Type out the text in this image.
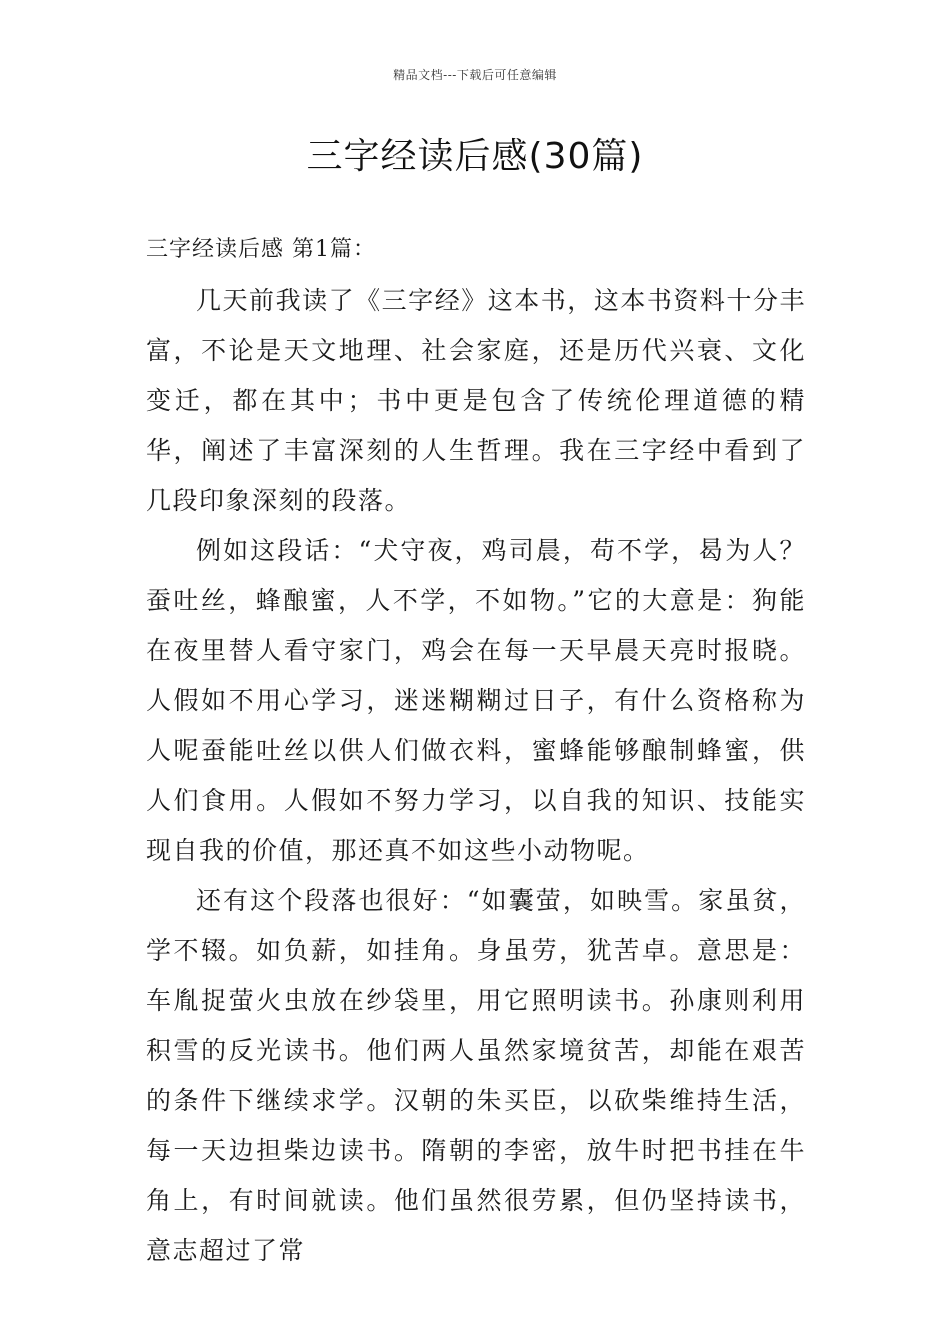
精品文档---下载后可任意编辑
三字经读后感(30篇)
三字经读后感 第1篇：

几天前我读了《三字经》这本书，这本书资料十分丰富，不论是天文地理、社会家庭，还是历代兴衰、文化变迁，都在其中；书中更是包含了传统伦理道德的精华，阐述了丰富深刻的人生哲理。我在三字经中看到了几段印象深刻的段落。

例如这段话：“犬守夜，鸡司晨，苟不学，曷为人？蚕吐丝，蜂酿蜜，人不学，不如物。”它的大意是：狗能在夜里替人看守家门，鸡会在每一天早晨天亮时报晓。人假如不用心学习，迷迷糊糊过日子，有什么资格称为人呢蚕能吐丝以供人们做衣料，蜜蜂能够酿制蜂蜜，供人们食用。人假如不努力学习，以自我的知识、技能实现自我的价值，那还真不如这些小动物呢。

还有这个段落也很好：“如囊萤，如映雪。家虽贫，学不辍。如负薪，如挂角。身虽劳，犹苦卓。意思是：车胤捉萤火虫放在纱袋里，用它照明读书。孙康则利用积雪的反光读书。他们两人虽然家境贫苦，却能在艰苦的条件下继续求学。汉朝的朱买臣，以砍柴维持生活，每一天边担柴边读书。隋朝的李密，放牛时把书挂在牛角上，有时间就读。他们虽然很劳累，但仍坚持读书，意志超过了常
